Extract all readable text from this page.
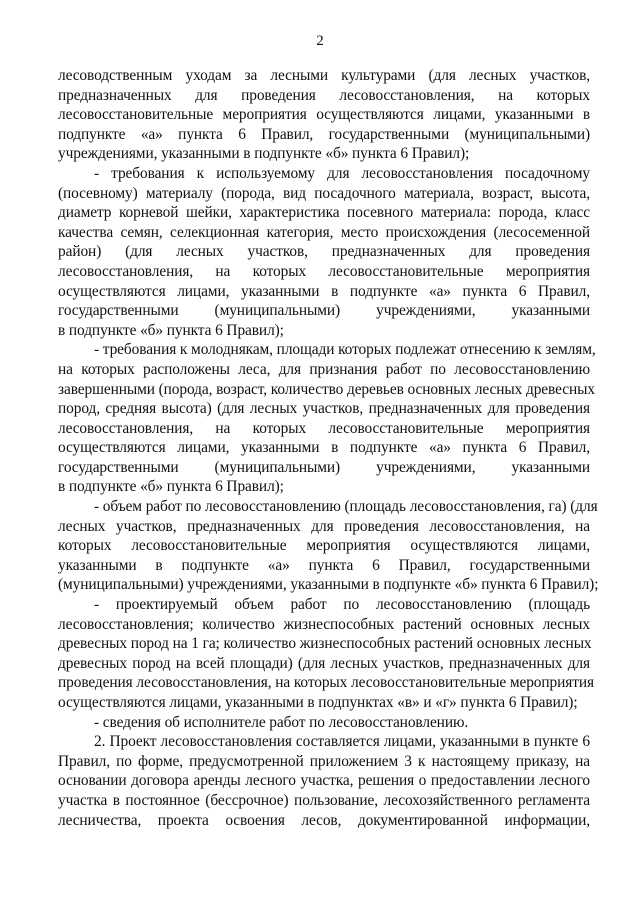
2
лесоводственным уходам за лесными культурами (для лесных участков,
предназначенных для проведения лесовосстановления, на которых
лесовосстановительные мероприятия осуществляются лицами, указанными в
подпункте «а» пункта 6 Правил, государственными (муниципальными)
учреждениями, указанными в подпункте «б» пункта 6 Правил);
- требования к используемому для лесовосстановления посадочному
(посевному) материалу (порода, вид посадочного материала, возраст, высота,
диаметр корневой шейки, характеристика посевного материала: порода, класс
качества семян, селекционная категория, место происхождения (лесосеменной
район) (для лесных участков, предназначенных для проведения
лесовосстановления, на которых лесовосстановительные мероприятия
осуществляются лицами, указанными в подпункте «а» пункта 6 Правил,
государственными (муниципальными) учреждениями, указанными
в подпункте «б» пункта 6 Правил);
- требования к молоднякам, площади которых подлежат отнесению к землям,
на которых расположены леса, для признания работ по лесовосстановлению
завершенными (порода, возраст, количество деревьев основных лесных древесных
пород, средняя высота) (для лесных участков, предназначенных для проведения
лесовосстановления, на которых лесовосстановительные мероприятия
осуществляются лицами, указанными в подпункте «а» пункта 6 Правил,
государственными (муниципальными) учреждениями, указанными
в подпункте «б» пункта 6 Правил);
- объем работ по лесовосстановлению (площадь лесовосстановления, га) (для
лесных участков, предназначенных для проведения лесовосстановления, на
которых лесовосстановительные мероприятия осуществляются лицами,
указанными в подпункте «а» пункта 6 Правил, государственными
(муниципальными) учреждениями, указанными в подпункте «б» пункта 6 Правил);
- проектируемый объем работ по лесовосстановлению (площадь
лесовосстановления; количество жизнеспособных растений основных лесных
древесных пород на 1 га; количество жизнеспособных растений основных лесных
древесных пород на всей площади) (для лесных участков, предназначенных для
проведения лесовосстановления, на которых лесовосстановительные мероприятия
осуществляются лицами, указанными в подпунктах «в» и «г» пункта 6 Правил);
- сведения об исполнителе работ по лесовосстановлению.
2. Проект лесовосстановления составляется лицами, указанными в пункте 6
Правил, по форме, предусмотренной приложением 3 к настоящему приказу, на
основании договора аренды лесного участка, решения о предоставлении лесного
участка в постоянное (бессрочное) пользование, лесохозяйственного регламента
лесничества, проекта освоения лесов, документированной информации,
